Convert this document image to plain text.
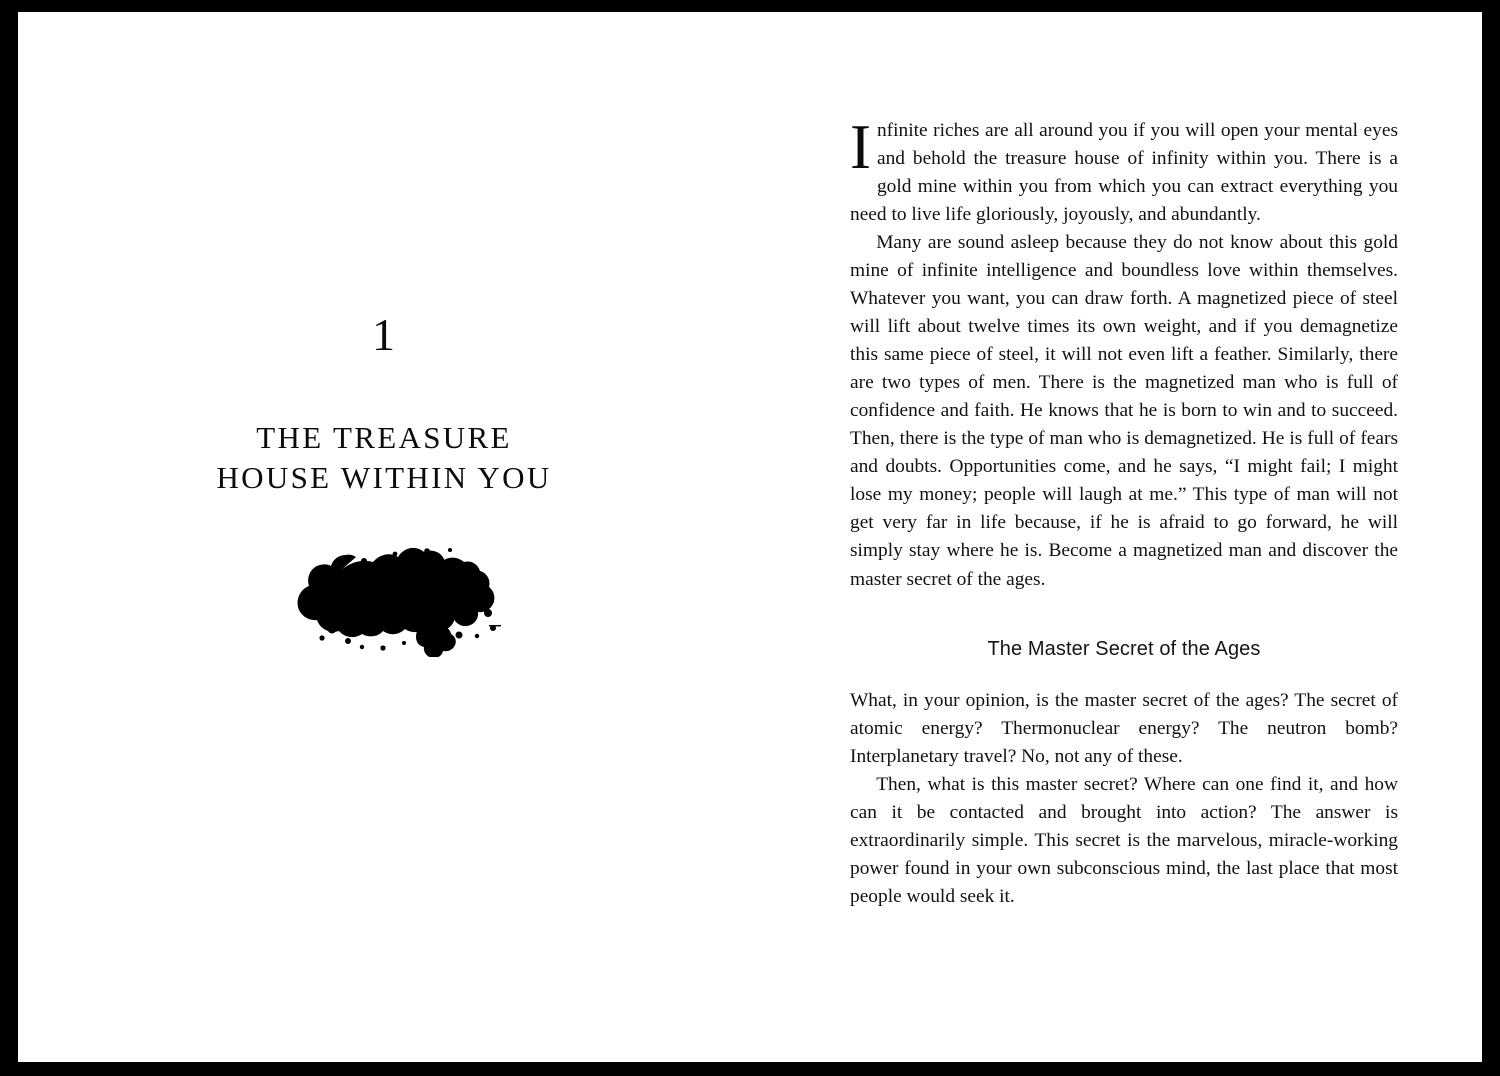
1
THE TREASURE
HOUSE WITHIN YOU

Infinite riches are all around you if you will open your mental eyes and behold the treasure house of infinity within you. There is a gold mine within you from which you can extract everything you need to live life gloriously, joyously, and abundantly.

Many are sound asleep because they do not know about this gold mine of infinite intelligence and boundless love within themselves. Whatever you want, you can draw forth. A magnetized piece of steel will lift about twelve times its own weight, and if you demagnetize this same piece of steel, it will not even lift a feather. Similarly, there are two types of men. There is the magnetized man who is full of confidence and faith. He knows that he is born to win and to succeed. Then, there is the type of man who is demagnetized. He is full of fears and doubts. Opportunities come, and he says, “I might fail; I might lose my money; people will laugh at me.” This type of man will not get very far in life because, if he is afraid to go forward, he will simply stay where he is. Become a magnetized man and discover the master secret of the ages.

The Master Secret of the Ages

What, in your opinion, is the master secret of the ages? The secret of atomic energy? Thermonuclear energy? The neutron bomb? Interplanetary travel? No, not any of these.

Then, what is this master secret? Where can one find it, and how can it be contacted and brought into action? The answer is extraordinarily simple. This secret is the marvelous, miracle-working power found in your own subconscious mind, the last place that most people would seek it.
